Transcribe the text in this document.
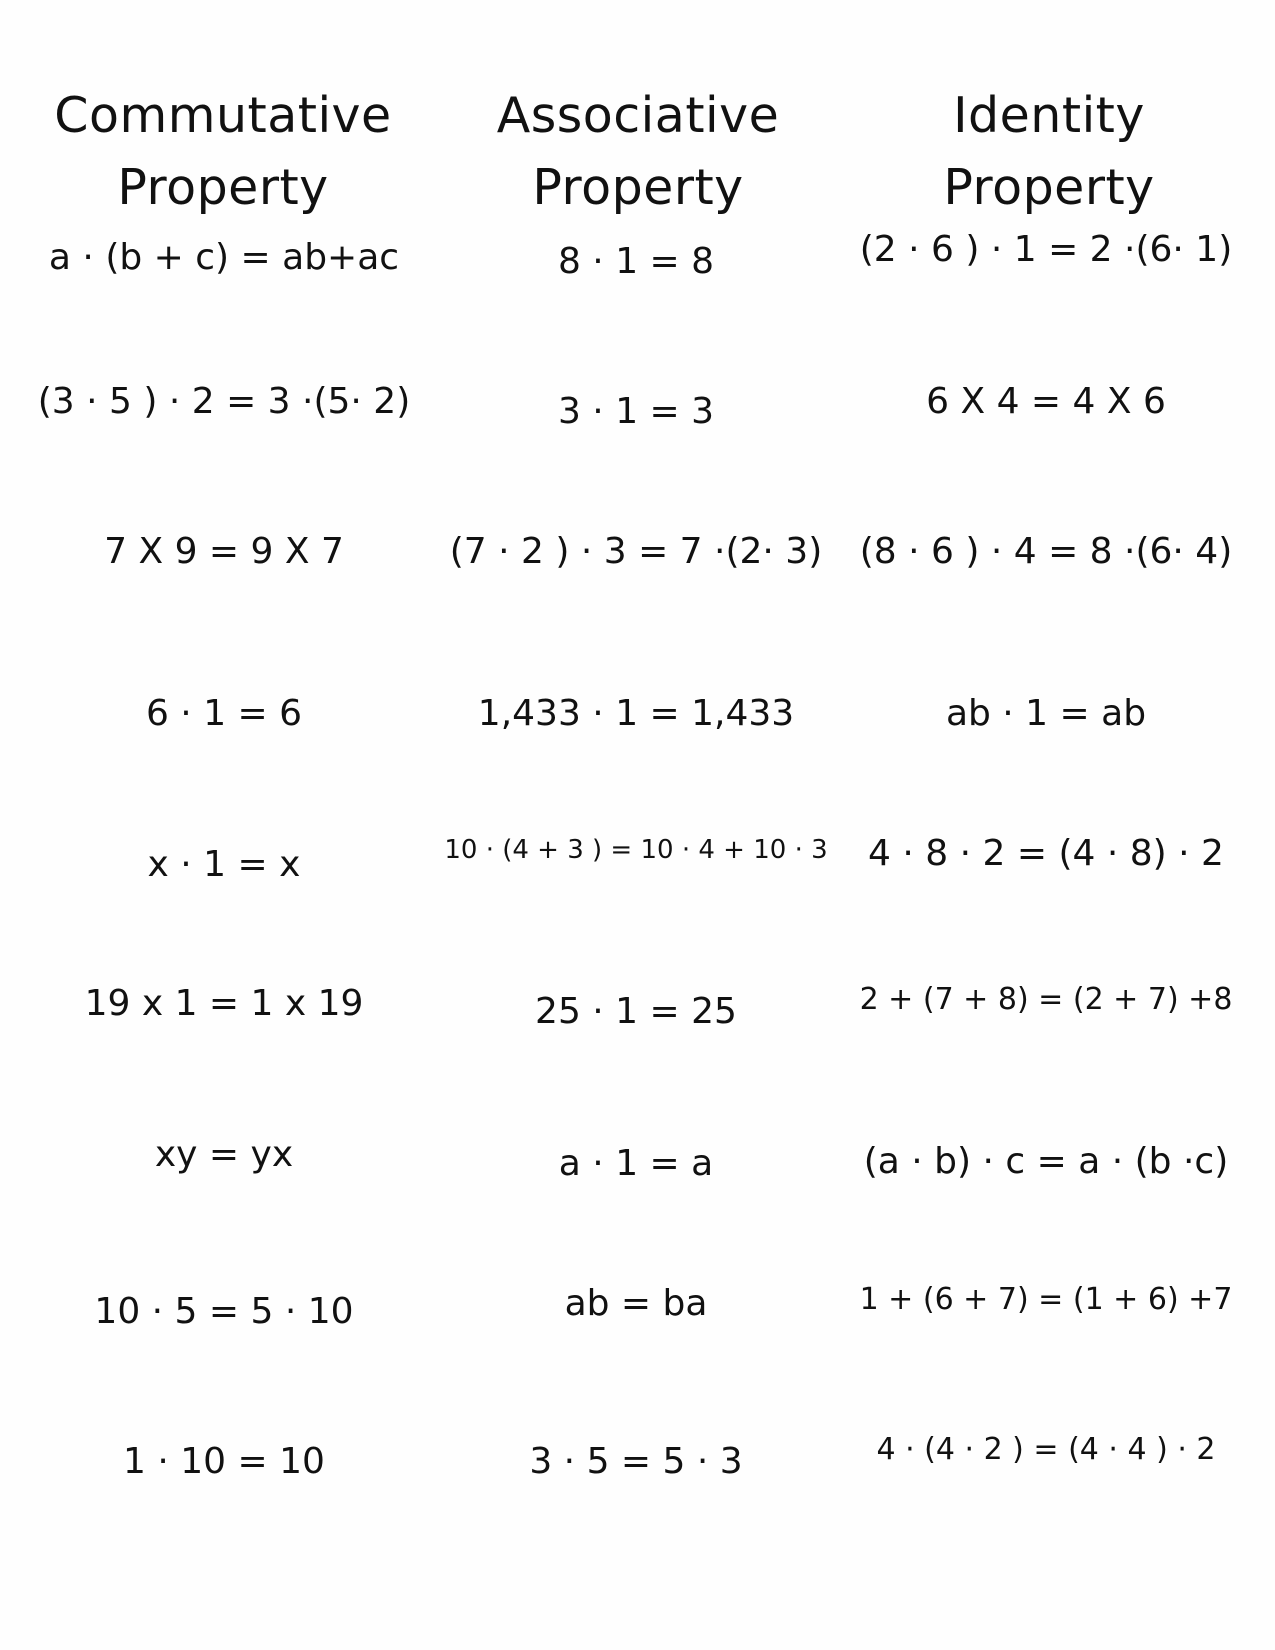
Commutative
Property
Associative
Property
Identity
Property
a · (b + c) = ab+ac
(3 · 5 ) · 2 = 3 ·(5· 2)
7 X 9 = 9 X 7
6 · 1 = 6
x · 1 = x
19 x 1 = 1 x 19
xy = yx
10 · 5 = 5 · 10
1 · 10 = 10
8 · 1 = 8
3 · 1 = 3
(7 · 2 ) · 3 = 7 ·(2· 3)
1,433 · 1 = 1,433
10 · (4 + 3 ) = 10 · 4 + 10 · 3
25 · 1 = 25
a · 1 = a
ab = ba
3 · 5 = 5 · 3
(2 · 6 ) · 1 = 2 ·(6· 1)
6 X 4 = 4 X 6
(8 · 6 ) · 4 = 8 ·(6· 4)
ab · 1 = ab
4 · 8 · 2 = (4 · 8) · 2
2 + (7 + 8) = (2 + 7) +8
(a · b) · c = a · (b ·c)
1 + (6 + 7) = (1 + 6) +7
4 · (4 · 2 ) = (4 · 4 ) · 2
